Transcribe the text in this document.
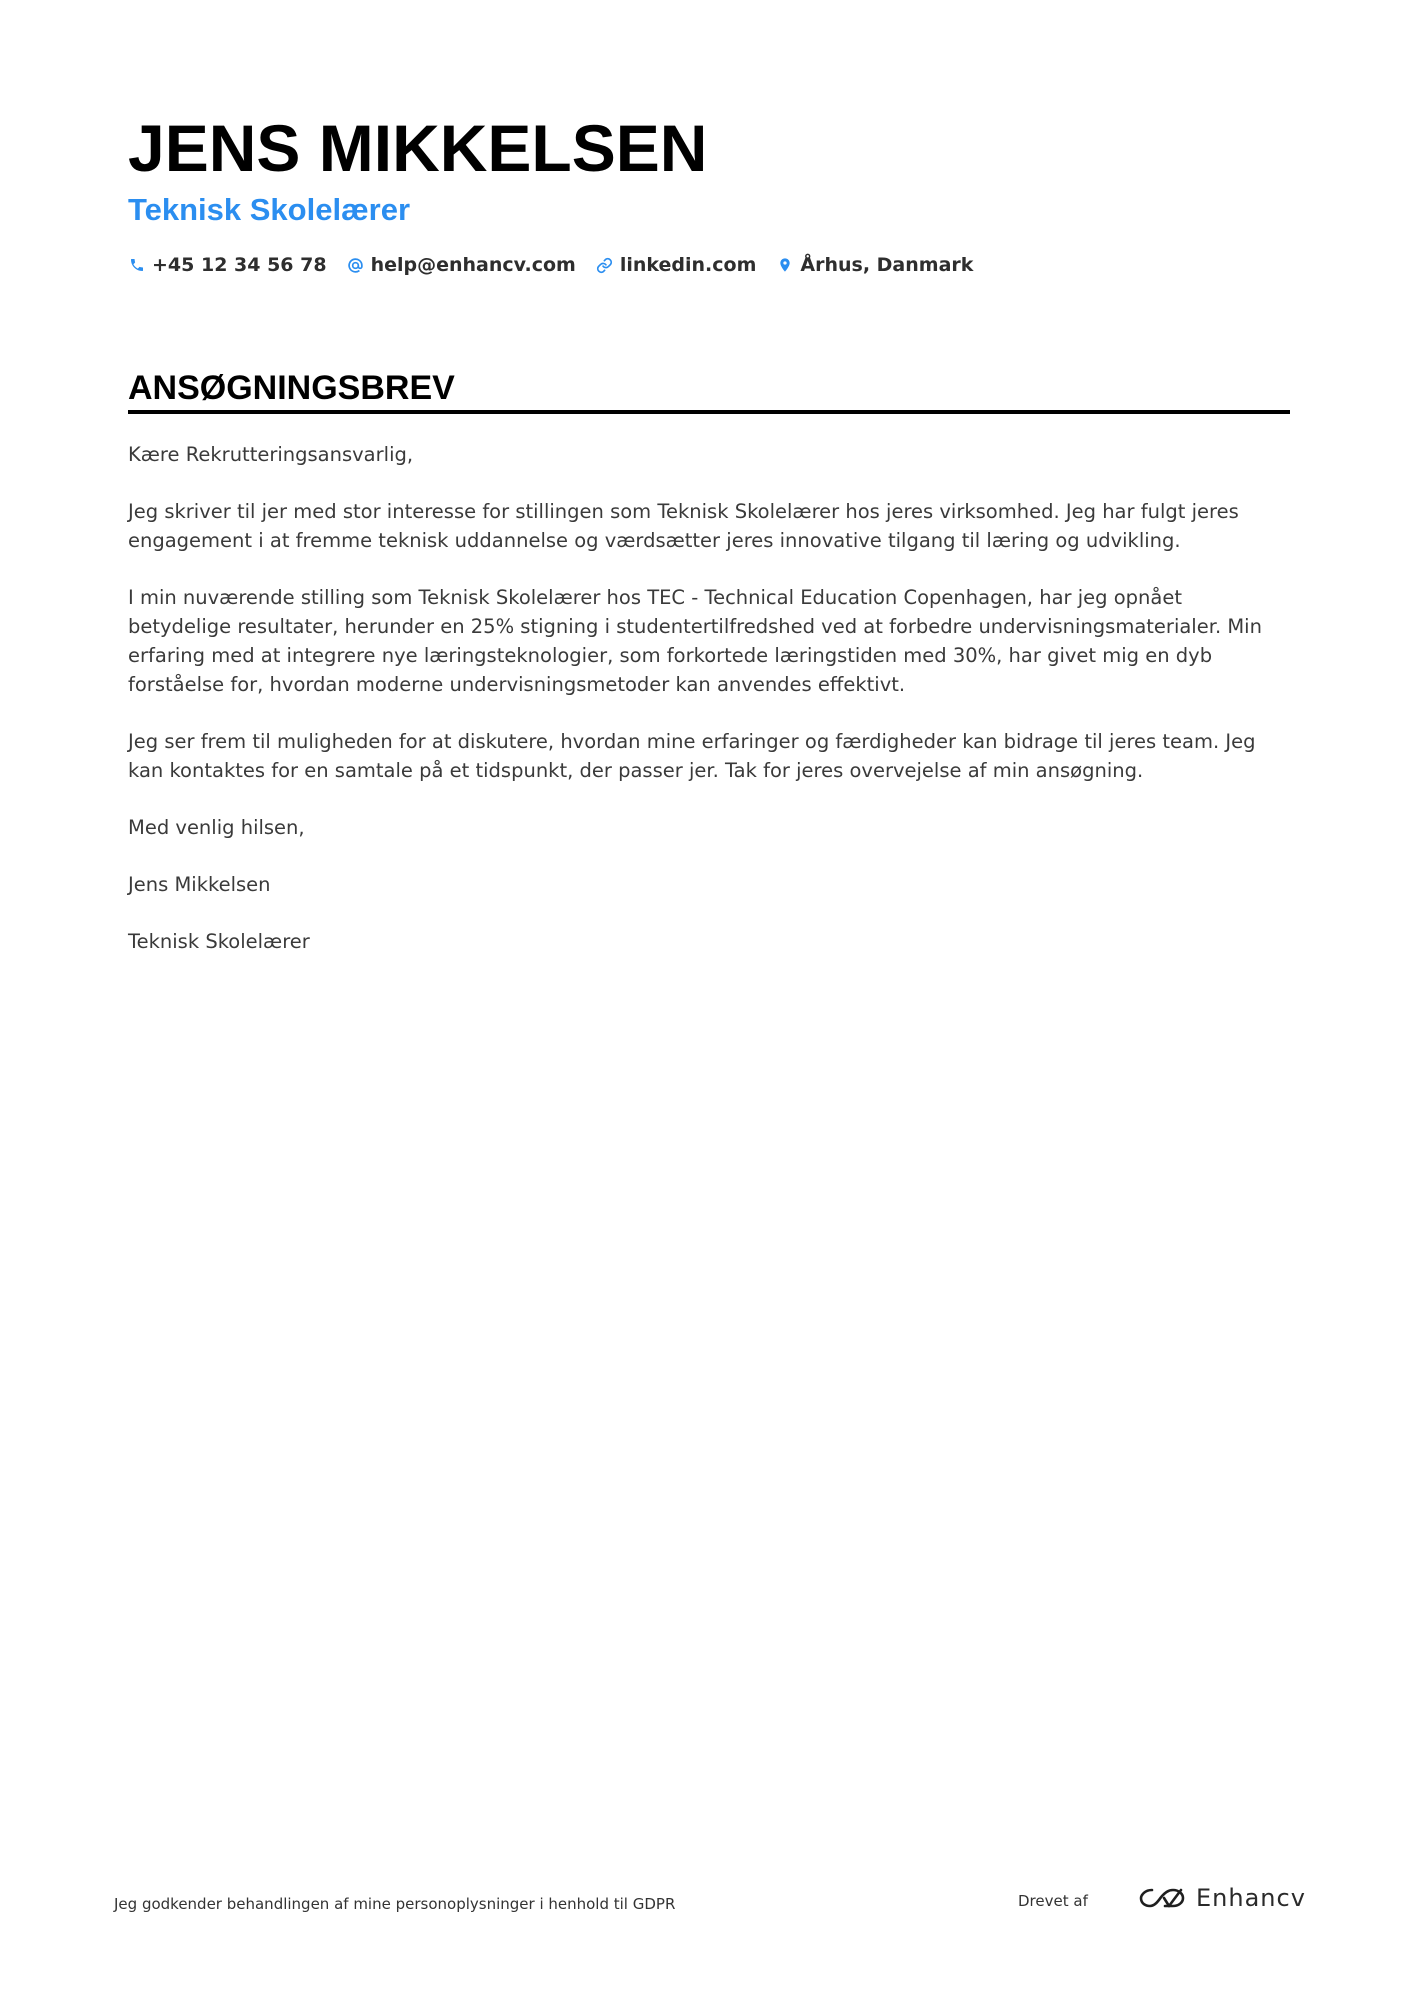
JENS MIKKELSEN
Teknisk Skolelærer
+45 12 34 56 78 help@enhancv.com linkedin.com Århus, Danmark
ANSØGNINGSBREV

Kære Rekrutteringsansvarlig,

Jeg skriver til jer med stor interesse for stillingen som Teknisk Skolelærer hos jeres virksomhed. Jeg har fulgt jeres engagement i at fremme teknisk uddannelse og værdsætter jeres innovative tilgang til læring og udvikling.

I min nuværende stilling som Teknisk Skolelærer hos TEC - Technical Education Copenhagen, har jeg opnået betydelige resultater, herunder en 25% stigning i studentertilfredshed ved at forbedre undervisningsmaterialer. Min erfaring med at integrere nye læringsteknologier, som forkortede læringstiden med 30%, har givet mig en dyb forståelse for, hvordan moderne undervisningsmetoder kan anvendes effektivt.

Jeg ser frem til muligheden for at diskutere, hvordan mine erfaringer og færdigheder kan bidrage til jeres team. Jeg kan kontaktes for en samtale på et tidspunkt, der passer jer. Tak for jeres overvejelse af min ansøgning.

Med venlig hilsen,

Jens Mikkelsen

Teknisk Skolelærer

Jeg godkender behandlingen af mine personoplysninger i henhold til GDPR	Drevet af	Enhancv
